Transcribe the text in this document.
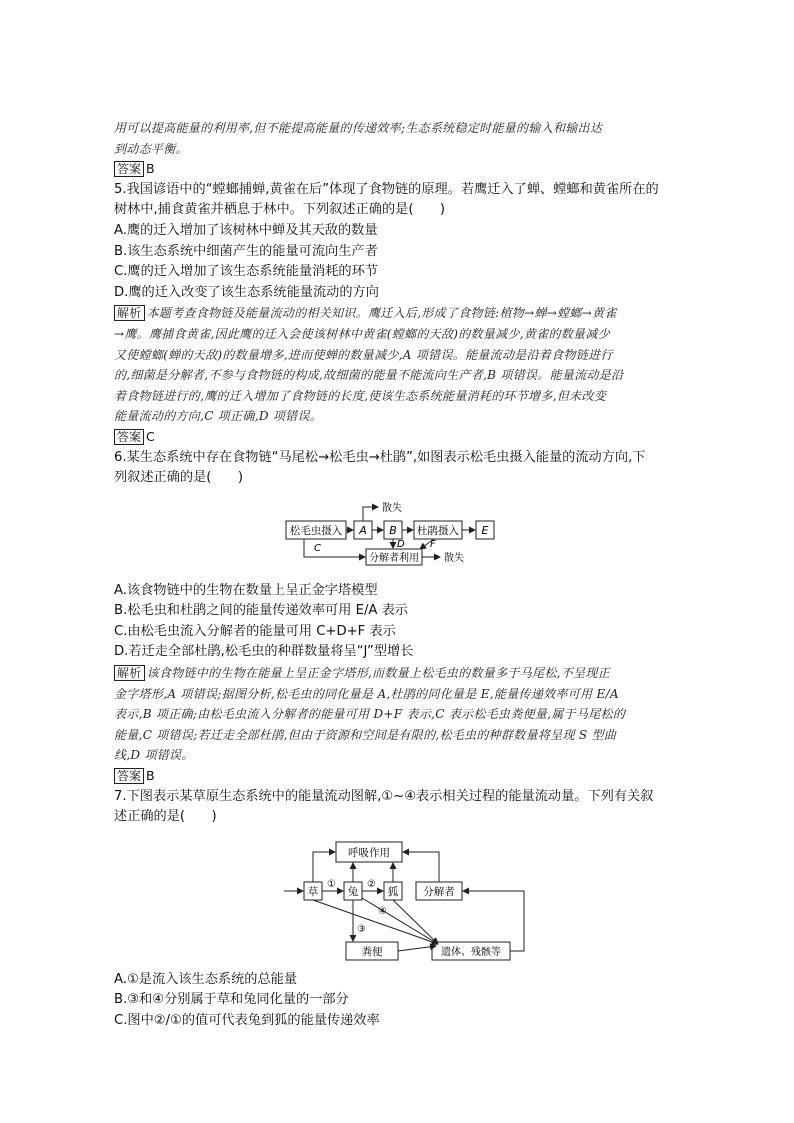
用可以提高能量的利用率,但不能提高能量的传递效率;生态系统稳定时能量的输入和输出达
到动态平衡。
答案 B
5.我国谚语中的“螳螂捕蝉,黄雀在后”体现了食物链的原理。若鹰迁入了蝉、螳螂和黄雀所在的
树林中,捕食黄雀并栖息于林中。下列叙述正确的是(　　)
A.鹰的迁入增加了该树林中蝉及其天敌的数量
B.该生态系统中细菌产生的能量可流向生产者
C.鹰的迁入增加了该生态系统能量消耗的环节
D.鹰的迁入改变了该生态系统能量流动的方向
解析 本题考查食物链及能量流动的相关知识。鹰迁入后,形成了食物链:植物→蝉→螳螂→黄雀
→鹰。鹰捕食黄雀,因此鹰的迁入会使该树林中黄雀(螳螂的天敌)的数量减少,黄雀的数量减少
又使螳螂(蝉的天敌)的数量增多,进而使蝉的数量减少,A 项错误。能量流动是沿着食物链进行
的,细菌是分解者,不参与食物链的构成,故细菌的能量不能流向生产者,B 项错误。能量流动是沿
着食物链进行的,鹰的迁入增加了食物链的长度,使该生态系统能量消耗的环节增多,但未改变
能量流动的方向,C 项正确,D 项错误。
答案 C
6.某生态系统中存在食物链“马尾松→松毛虫→杜鹃”,如图表示松毛虫摄入能量的流动方向,下
列叙述正确的是(　　)
松毛虫摄入 A B 杜鹃摄入 E
分解者利用
散失
C	D	F
散失
A.该食物链中的生物在数量上呈正金字塔模型
B.松毛虫和杜鹃之间的能量传递效率可用 E/A 表示
C.由松毛虫流入分解者的能量可用 C+D+F 表示
D.若迁走全部杜鹃,松毛虫的种群数量将呈“J”型增长
解析 该食物链中的生物在能量上呈正金字塔形,而数量上松毛虫的数量多于马尾松,不呈现正
金字塔形,A 项错误;据图分析,松毛虫的同化量是 A,杜鹃的同化量是 E,能量传递效率可用 E/A
表示,B 项正确;由松毛虫流入分解者的能量可用 D+F 表示,C 表示松毛虫粪便量,属于马尾松的
能量,C 项错误;若迁走全部杜鹃,但由于资源和空间是有限的,松毛虫的种群数量将呈现 S 型曲
线,D 项错误。
答案 B
7.下图表示某草原生态系统中的能量流动图解,①~④表示相关过程的能量流动量。下列有关叙
述正确的是(　　)
呼吸作用
草	兔	狐 分解者
粪便	遗体、残骸等
①	②
③
④
A.①是流入该生态系统的总能量
B.③和④分别属于草和兔同化量的一部分
C.图中②/①的值可代表兔到狐的能量传递效率
